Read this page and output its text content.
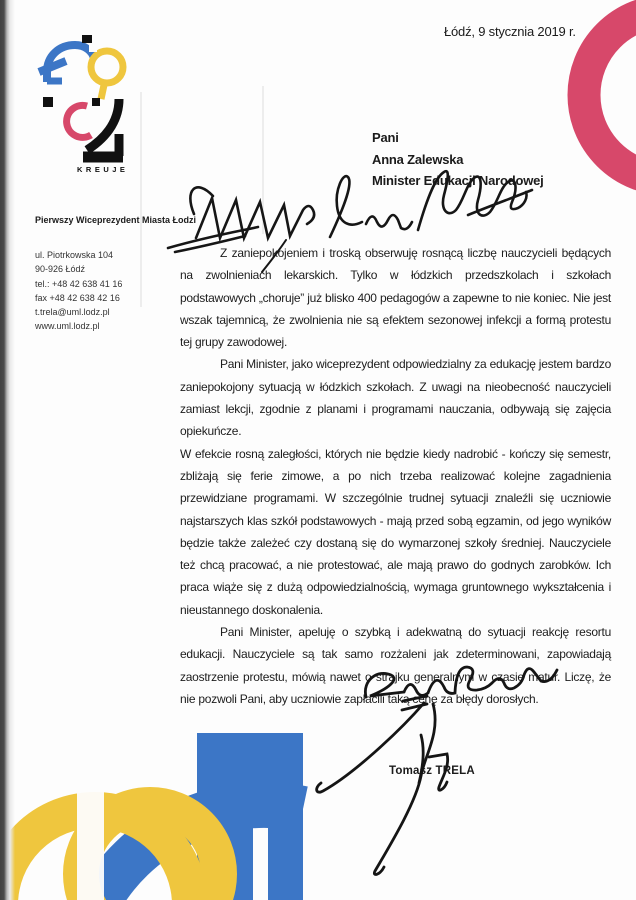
Łódź, 9 stycznia 2019 r.
KREUJE
Pierwszy Wiceprezydent Miasta Łodzi
ul. Piotrkowska 104
90-926 Łódź
tel.: +48 42 638 41 16
fax +48 42 638 42 16
t.trela@uml.lodz.pl
www.uml.lodz.pl
Pani
Anna Zalewska
Minister Edukacji Narodowej

Z zaniepokojeniem i troską obserwuję rosnącą liczbę nauczycieli będących na zwolnieniach lekarskich. Tylko w łódzkich przedszkolach i szkołach podstawowych „choruje” już blisko 400 pedagogów a zapewne to nie koniec. Nie jest wszak tajemnicą, że zwolnienia nie są efektem sezonowej infekcji a formą protestu tej grupy zawodowej.

Pani Minister, jako wiceprezydent odpowiedzialny za edukację jestem bardzo zaniepokojony sytuacją w łódzkich szkołach. Z uwagi na nieobecność nauczycieli zamiast lekcji, zgodnie z planami i programami nauczania, odbywają się zajęcia opiekuńcze.

W efekcie rosną zaległości, których nie będzie kiedy nadrobić - kończy się semestr, zbliżają się ferie zimowe, a po nich trzeba realizować kolejne zagadnienia przewidziane programami. W szczególnie trudnej sytuacji znaleźli się uczniowie najstarszych klas szkół podstawowych - mają przed sobą egzamin, od jego wyników będzie także zależeć czy dostaną się do wymarzonej szkoły średniej. Nauczyciele też chcą pracować, a nie protestować, ale mają prawo do godnych zarobków. Ich praca wiąże się z dużą odpowiedzialnością, wymaga gruntownego wykształcenia i nieustannego doskonalenia.

Pani Minister, apeluję o szybką i adekwatną do sytuacji reakcję resortu edukacji. Nauczyciele są tak samo rozżaleni jak zdeterminowani, zapowiadają zaostrzenie protestu, mówią nawet o strajku generalnym w czasie matur. Liczę, że nie pozwoli Pani, aby uczniowie zapłacili taką cenę za błędy dorosłych.

Tomasz TRELA
